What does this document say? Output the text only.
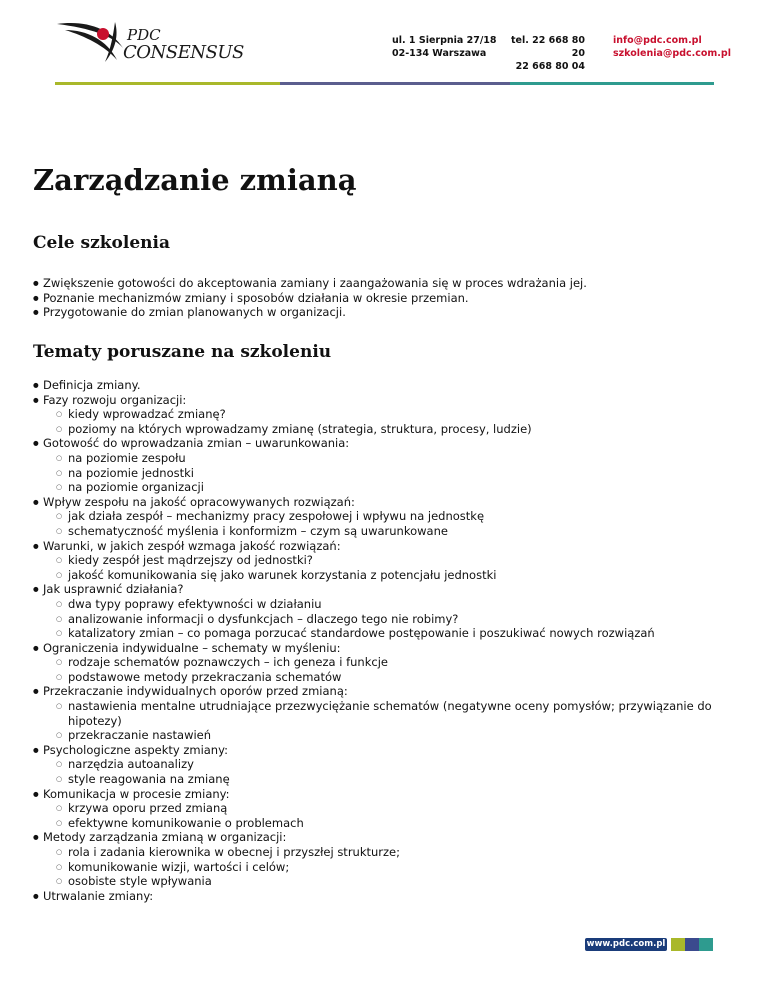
PDC
CONSENSUS
ul. 1 Sierpnia 27/18
02-134 Warszawa
tel. 22 668 80 20
22 668 80 04
info@pdc.com.pl
szkolenia@pdc.com.pl
Zarządzanie zmianą
Cele szkolenia
● Zwiększenie gotowości do akceptowania zamiany i zaangażowania się w proces wdrażania jej.
● Poznanie mechanizmów zmiany i sposobów działania w okresie przemian.
● Przygotowanie do zmian planowanych w organizacji.
Tematy poruszane na szkoleniu
● Definicja zmiany.
● Fazy rozwoju organizacji:
○ kiedy wprowadzać zmianę?
○ poziomy na których wprowadzamy zmianę (strategia, struktura, procesy, ludzie)
● Gotowość do wprowadzania zmian – uwarunkowania:
○ na poziomie zespołu
○ na poziomie jednostki
○ na poziomie organizacji
● Wpływ zespołu na jakość opracowywanych rozwiązań:
○ jak działa zespół – mechanizmy pracy zespołowej i wpływu na jednostkę
○ schematyczność myślenia i konformizm – czym są uwarunkowane
● Warunki, w jakich zespół wzmaga jakość rozwiązań:
○ kiedy zespół jest mądrzejszy od jednostki?
○ jakość komunikowania się jako warunek korzystania z potencjału jednostki
● Jak usprawnić działania?
○ dwa typy poprawy efektywności w działaniu
○ analizowanie informacji o dysfunkcjach – dlaczego tego nie robimy?
○ katalizatory zmian – co pomaga porzucać standardowe postępowanie i poszukiwać nowych rozwiązań
● Ograniczenia indywidualne – schematy w myśleniu:
○ rodzaje schematów poznawczych – ich geneza i funkcje
○ podstawowe metody przekraczania schematów
● Przekraczanie indywidualnych oporów przed zmianą:
○ nastawienia mentalne utrudniające przezwyciężanie schematów (negatywne oceny pomysłów; przywiązanie do hipotezy)
○ przekraczanie nastawień
● Psychologiczne aspekty zmiany:
○ narzędzia autoanalizy
○ style reagowania na zmianę
● Komunikacja w procesie zmiany:
○ krzywa oporu przed zmianą
○ efektywne komunikowanie o problemach
● Metody zarządzania zmianą w organizacji:
○ rola i zadania kierownika w obecnej i przyszłej strukturze;
○ komunikowanie wizji, wartości i celów;
○ osobiste style wpływania
● Utrwalanie zmiany:
www.pdc.com.pl
